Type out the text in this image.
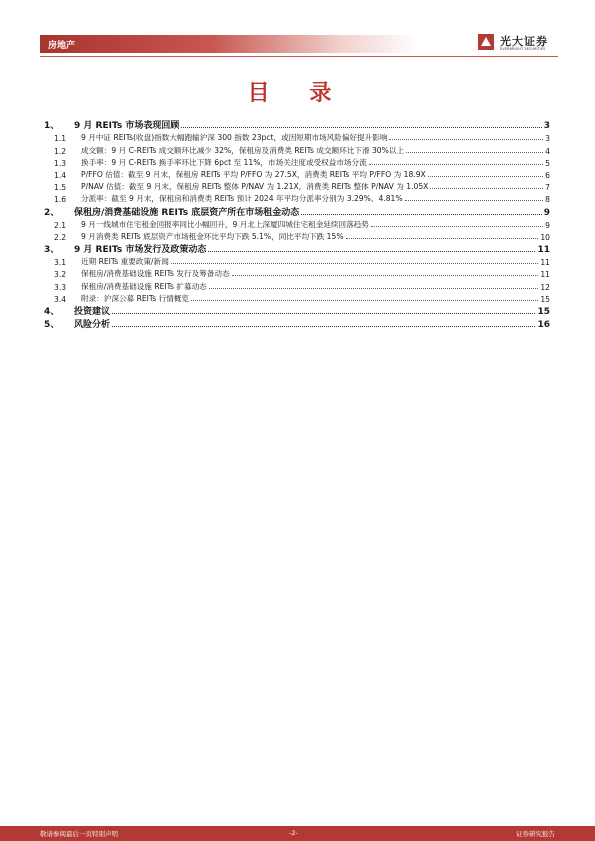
房地产	光大证券
EVERBRIGHT SECURITIES
目 录
1、	9 月 REITs 市场表现回顾	3
1.1	9 月中证 REITs(收盘)指数大幅跑输沪深 300 指数 23pct，或因短期市场风险偏好提升影响	3
1.2	成交额：9 月 C-REITs 成交额环比减少 32%，保租房及消费类 REITs 成交额环比下滑 30%以上	4
1.3	换手率：9 月 C-REITs 换手率环比下降 6pct 至 11%，市场关注度或受权益市场分流	5
1.4	P/FFO 估值：截至 9 月末，保租房 REITs 平均 P/FFO 为 27.5X，消费类 REITs 平均 P/FFO 为 18.9X	6
1.5	P/NAV 估值：截至 9 月末，保租房 REITs 整体 P/NAV 为 1.21X，消费类 REITs 整体 P/NAV 为 1.05X	7
1.6	分派率：截至 9 月末，保租房和消费类 REITs 预计 2024 年平均分派率分别为 3.29%、4.81%	8
2、	保租房/消费基础设施 REITs 底层资产所在市场租金动态	9
2.1	9 月一线城市住宅租金回报率同比小幅回升，9 月北上深厦四城住宅租金延续回落趋势	9
2.2	9 月消费类 REITs 底层资产市场租金环比平均下跌 5.1%，同比平均下跌 15%	10
3、	9 月 REITs 市场发行及政策动态	11
3.1	近期 REITs 重要政策/新闻	11
3.2	保租房/消费基础设施 REITs 发行及筹备动态	11
3.3	保租房/消费基础设施 REITs 扩募动态	12
3.4	附录：沪深公募 REITs 行情概览	15
4、	投资建议	15
5、	风险分析	16
敬请参阅最后一页特别声明	-2-	证券研究报告
